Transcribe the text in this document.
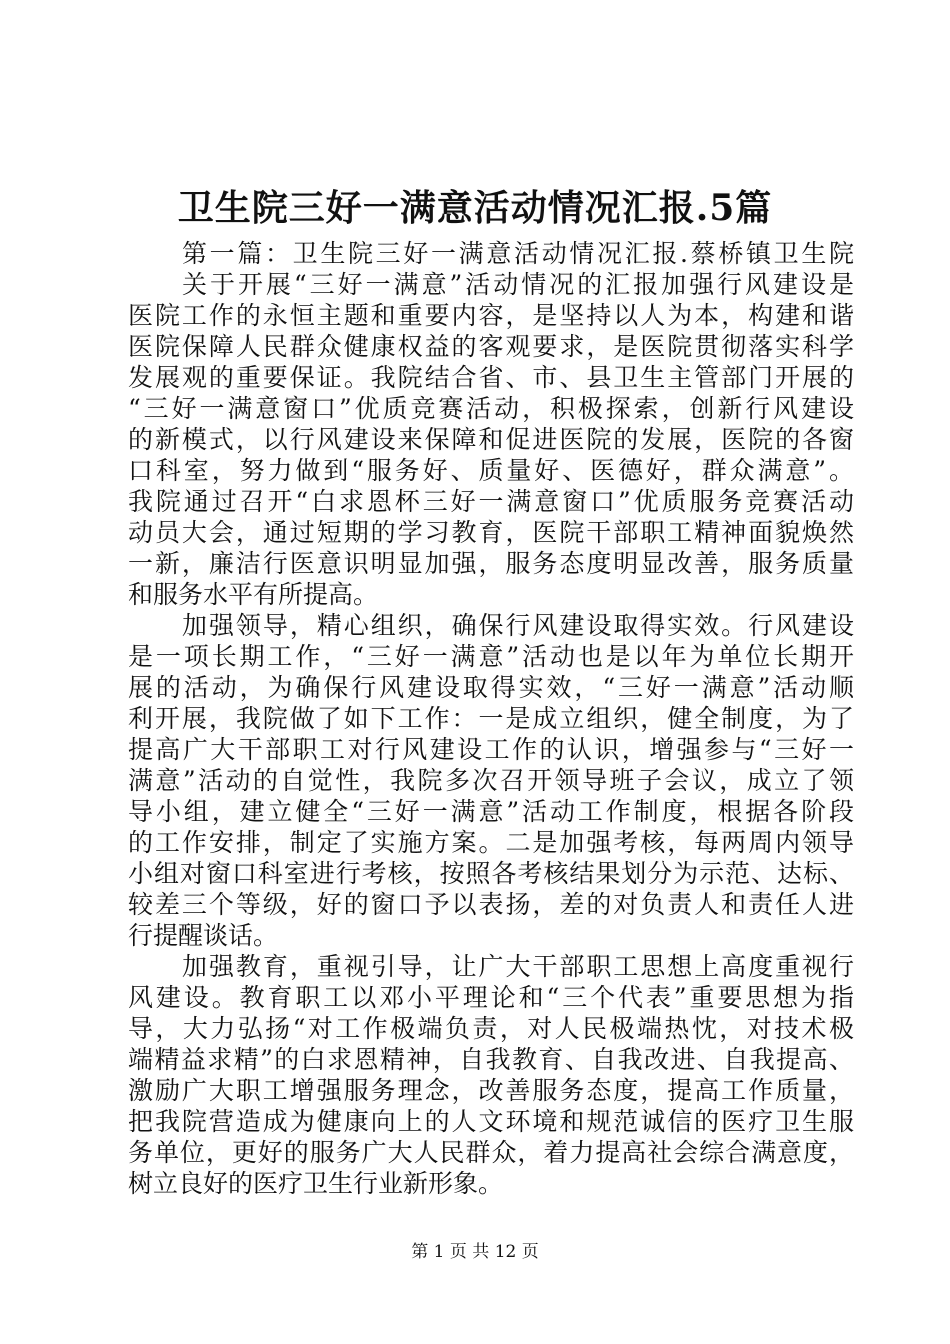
卫生院三好一满意活动情况汇报.5篇
第一篇：卫生院三好一满意活动情况汇报.蔡桥镇卫生院
关于开展“三好一满意”活动情况的汇报加强行风建设是
医院工作的永恒主题和重要内容，是坚持以人为本，构建和谐
医院保障人民群众健康权益的客观要求，是医院贯彻落实科学
发展观的重要保证。我院结合省、市、县卫生主管部门开展的
“三好一满意窗口”优质竞赛活动，积极探索，创新行风建设
的新模式，以行风建设来保障和促进医院的发展，医院的各窗
口科室，努力做到“服务好、质量好、医德好，群众满意”。
我院通过召开“白求恩杯三好一满意窗口”优质服务竞赛活动
动员大会，通过短期的学习教育，医院干部职工精神面貌焕然
一新，廉洁行医意识明显加强，服务态度明显改善，服务质量
和服务水平有所提高。
加强领导，精心组织，确保行风建设取得实效。行风建设
是一项长期工作，“三好一满意”活动也是以年为单位长期开
展的活动，为确保行风建设取得实效，“三好一满意”活动顺
利开展，我院做了如下工作：一是成立组织，健全制度，为了
提高广大干部职工对行风建设工作的认识，增强参与“三好一
满意”活动的自觉性，我院多次召开领导班子会议，成立了领
导小组，建立健全“三好一满意”活动工作制度，根据各阶段
的工作安排，制定了实施方案。二是加强考核，每两周内领导
小组对窗口科室进行考核，按照各考核结果划分为示范、达标、
较差三个等级，好的窗口予以表扬，差的对负责人和责任人进
行提醒谈话。
加强教育，重视引导，让广大干部职工思想上高度重视行
风建设。教育职工以邓小平理论和“三个代表”重要思想为指
导，大力弘扬“对工作极端负责，对人民极端热忱，对技术极
端精益求精”的白求恩精神，自我教育、自我改进、自我提高、
激励广大职工增强服务理念，改善服务态度，提高工作质量，
把我院营造成为健康向上的人文环境和规范诚信的医疗卫生服
务单位，更好的服务广大人民群众，着力提高社会综合满意度，
树立良好的医疗卫生行业新形象。
第 1 页 共 12 页
